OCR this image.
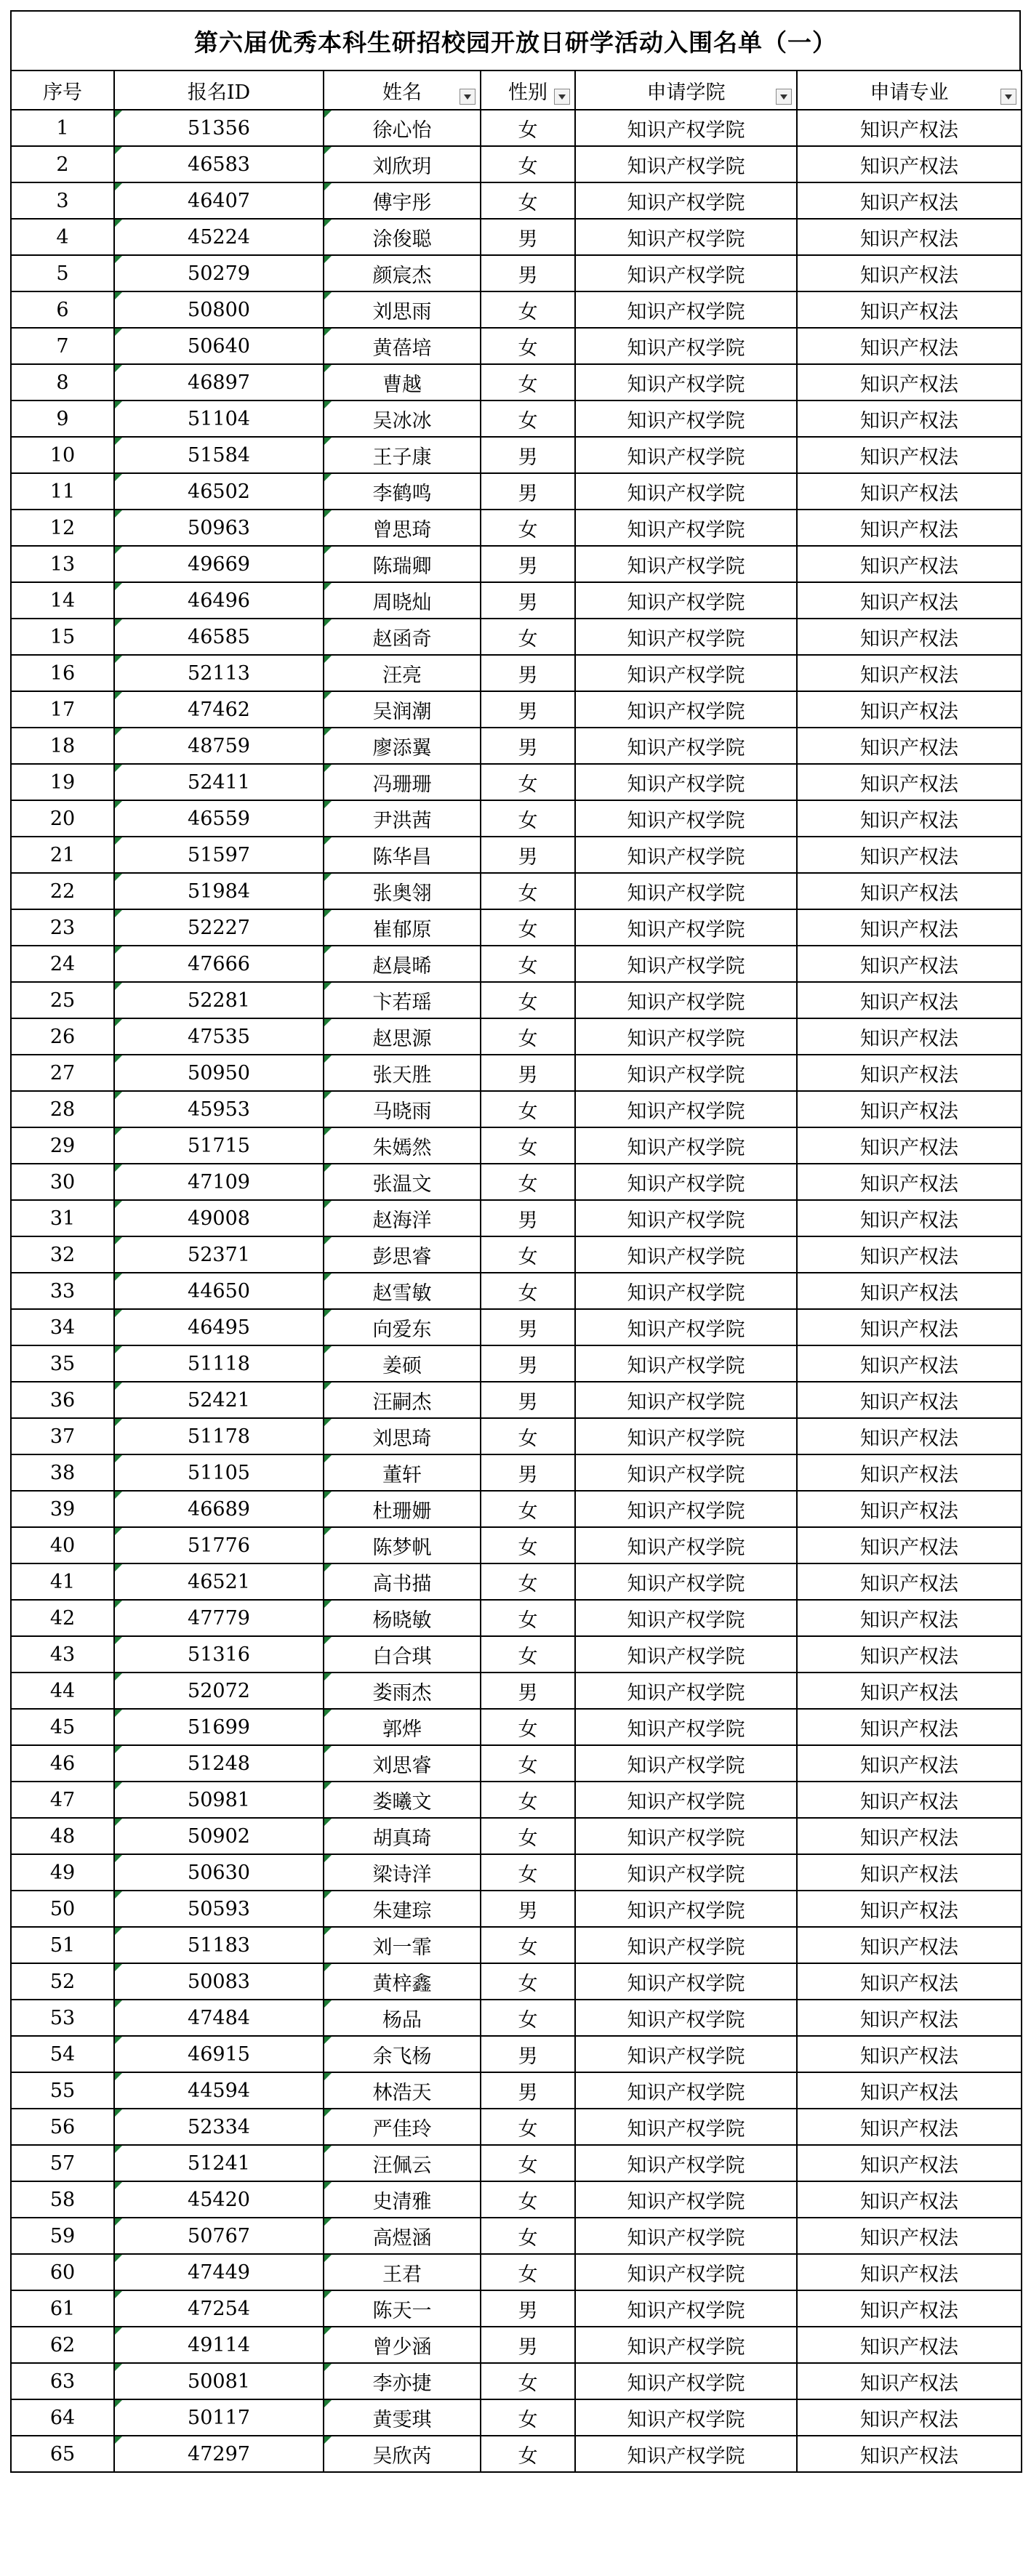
第六届优秀本科生研招校园开放日研学活动入围名单（一）
序号	报名ID	姓名	性别	申请学院	申请专业

1	51356	徐心怡	女	知识产权学院	知识产权法
2	46583	刘欣玥	女	知识产权学院	知识产权法
3	46407	傅宇彤	女	知识产权学院	知识产权法
4	45224	涂俊聪	男	知识产权学院	知识产权法
5	50279	颜宸杰	男	知识产权学院	知识产权法
6	50800	刘思雨	女	知识产权学院	知识产权法
7	50640	黄蓓培	女	知识产权学院	知识产权法
8	46897	曹越	女	知识产权学院	知识产权法
9	51104	吴冰冰	女	知识产权学院	知识产权法
10	51584	王子康	男	知识产权学院	知识产权法
11	46502	李鹤鸣	男	知识产权学院	知识产权法
12	50963	曾思琦	女	知识产权学院	知识产权法
13	49669	陈瑞卿	男	知识产权学院	知识产权法
14	46496	周晓灿	男	知识产权学院	知识产权法
15	46585	赵函奇	女	知识产权学院	知识产权法
16	52113	汪亮	男	知识产权学院	知识产权法
17	47462	吴润潮	男	知识产权学院	知识产权法
18	48759	廖添翼	男	知识产权学院	知识产权法
19	52411	冯珊珊	女	知识产权学院	知识产权法
20	46559	尹洪茜	女	知识产权学院	知识产权法
21	51597	陈华昌	男	知识产权学院	知识产权法
22	51984	张奥翎	女	知识产权学院	知识产权法
23	52227	崔郁原	女	知识产权学院	知识产权法
24	47666	赵晨晞	女	知识产权学院	知识产权法
25	52281	卞若瑶	女	知识产权学院	知识产权法
26	47535	赵思源	女	知识产权学院	知识产权法
27	50950	张天胜	男	知识产权学院	知识产权法
28	45953	马晓雨	女	知识产权学院	知识产权法
29	51715	朱嫣然	女	知识产权学院	知识产权法
30	47109	张温文	女	知识产权学院	知识产权法
31	49008	赵海洋	男	知识产权学院	知识产权法
32	52371	彭思睿	女	知识产权学院	知识产权法
33	44650	赵雪敏	女	知识产权学院	知识产权法
34	46495	向爱东	男	知识产权学院	知识产权法
35	51118	姜硕	男	知识产权学院	知识产权法
36	52421	汪嗣杰	男	知识产权学院	知识产权法
37	51178	刘思琦	女	知识产权学院	知识产权法
38	51105	董轩	男	知识产权学院	知识产权法
39	46689	杜珊姗	女	知识产权学院	知识产权法
40	51776	陈梦帆	女	知识产权学院	知识产权法
41	46521	高书描	女	知识产权学院	知识产权法
42	47779	杨晓敏	女	知识产权学院	知识产权法
43	51316	白合琪	女	知识产权学院	知识产权法
44	52072	娄雨杰	男	知识产权学院	知识产权法
45	51699	郭烨	女	知识产权学院	知识产权法
46	51248	刘思睿	女	知识产权学院	知识产权法
47	50981	娄曦文	女	知识产权学院	知识产权法
48	50902	胡真琦	女	知识产权学院	知识产权法
49	50630	梁诗洋	女	知识产权学院	知识产权法
50	50593	朱建琮	男	知识产权学院	知识产权法
51	51183	刘一霏	女	知识产权学院	知识产权法
52	50083	黄梓鑫	女	知识产权学院	知识产权法
53	47484	杨品	女	知识产权学院	知识产权法
54	46915	余飞杨	男	知识产权学院	知识产权法
55	44594	林浩天	男	知识产权学院	知识产权法
56	52334	严佳玲	女	知识产权学院	知识产权法
57	51241	汪佩云	女	知识产权学院	知识产权法
58	45420	史清雅	女	知识产权学院	知识产权法
59	50767	高煜涵	女	知识产权学院	知识产权法
60	47449	王君	女	知识产权学院	知识产权法
61	47254	陈天一	男	知识产权学院	知识产权法
62	49114	曾少涵	男	知识产权学院	知识产权法
63	50081	李亦捷	女	知识产权学院	知识产权法
64	50117	黄雯琪	女	知识产权学院	知识产权法
65	47297	吴欣芮	女	知识产权学院	知识产权法
